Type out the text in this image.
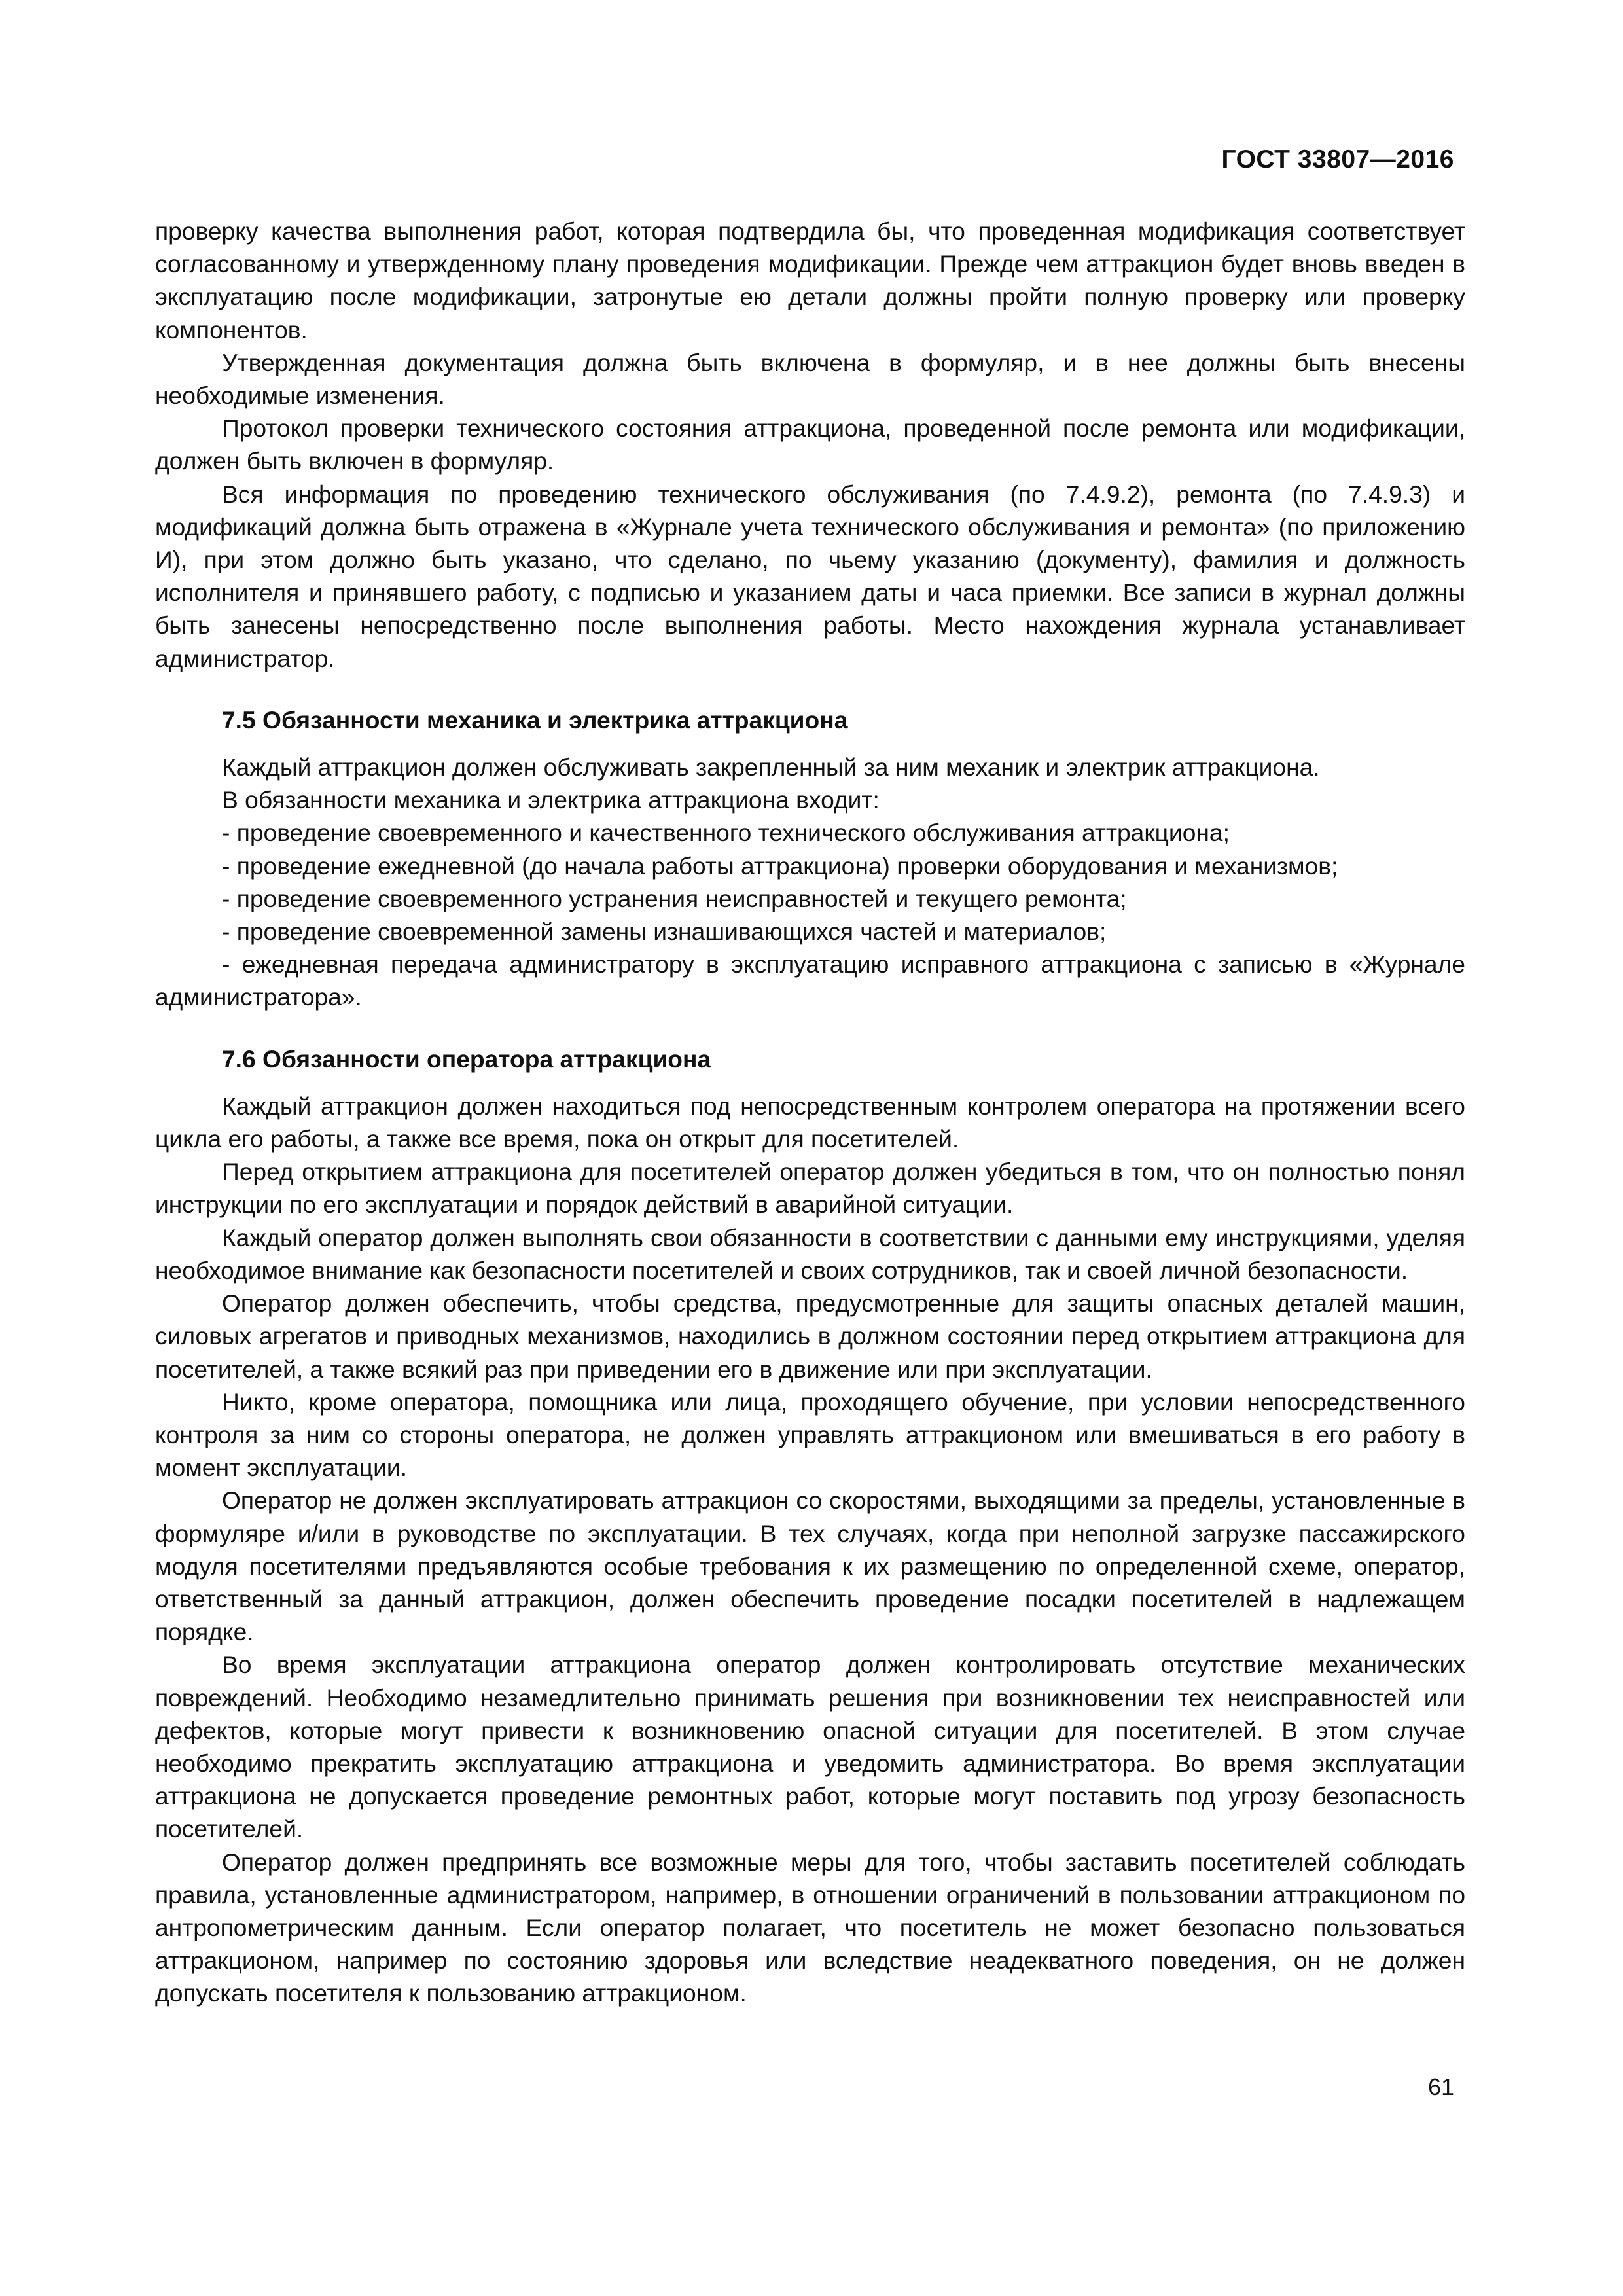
ГОСТ 33807—2016

проверку качества выполнения работ, которая подтвердила бы, что проведенная модификация соответствует согласованному и утвержденному плану проведения модификации. Прежде чем аттракцион будет вновь введен в эксплуатацию после модификации, затронутые ею детали должны пройти полную проверку или проверку компонентов.

Утвержденная документация должна быть включена в формуляр, и в нее должны быть внесены необходимые изменения.

Протокол проверки технического состояния аттракциона, проведенной после ремонта или модификации, должен быть включен в формуляр.

Вся информация по проведению технического обслуживания (по 7.4.9.2), ремонта (по 7.4.9.3) и модификаций должна быть отражена в «Журнале учета технического обслуживания и ремонта» (по приложению И), при этом должно быть указано, что сделано, по чьему указанию (документу), фамилия и должность исполнителя и принявшего работу, с подписью и указанием даты и часа приемки. Все записи в журнал должны быть занесены непосредственно после выполнения работы. Место нахождения журнала устанавливает администратор.

7.5 Обязанности механика и электрика аттракциона

Каждый аттракцион должен обслуживать закрепленный за ним механик и электрик аттракциона.

В обязанности механика и электрика аттракциона входит:

- проведение своевременного и качественного технического обслуживания аттракциона;

- проведение ежедневной (до начала работы аттракциона) проверки оборудования и механизмов;

- проведение своевременного устранения неисправностей и текущего ремонта;

- проведение своевременной замены изнашивающихся частей и материалов;

- ежедневная передача администратору в эксплуатацию исправного аттракциона с записью в «Журнале администратора».

7.6 Обязанности оператора аттракциона

Каждый аттракцион должен находиться под непосредственным контролем оператора на протяжении всего цикла его работы, а также все время, пока он открыт для посетителей.

Перед открытием аттракциона для посетителей оператор должен убедиться в том, что он полностью понял инструкции по его эксплуатации и порядок действий в аварийной ситуации.

Каждый оператор должен выполнять свои обязанности в соответствии с данными ему инструкциями, уделяя необходимое внимание как безопасности посетителей и своих сотрудников, так и своей личной безопасности.

Оператор должен обеспечить, чтобы средства, предусмотренные для защиты опасных деталей машин, силовых агрегатов и приводных механизмов, находились в должном состоянии перед открытием аттракциона для посетителей, а также всякий раз при приведении его в движение или при эксплуатации.

Никто, кроме оператора, помощника или лица, проходящего обучение, при условии непосредственного контроля за ним со стороны оператора, не должен управлять аттракционом или вмешиваться в его работу в момент эксплуатации.

Оператор не должен эксплуатировать аттракцион со скоростями, выходящими за пределы, установленные в формуляре и/или в руководстве по эксплуатации. В тех случаях, когда при неполной загрузке пассажирского модуля посетителями предъявляются особые требования к их размещению по определенной схеме, оператор, ответственный за данный аттракцион, должен обеспечить проведение посадки посетителей в надлежащем порядке.

Во время эксплуатации аттракциона оператор должен контролировать отсутствие механических повреждений. Необходимо незамедлительно принимать решения при возникновении тех неисправностей или дефектов, которые могут привести к возникновению опасной ситуации для посетителей. В этом случае необходимо прекратить эксплуатацию аттракциона и уведомить администратора. Во время эксплуатации аттракциона не допускается проведение ремонтных работ, которые могут поставить под угрозу безопасность посетителей.

Оператор должен предпринять все возможные меры для того, чтобы заставить посетителей соблюдать правила, установленные администратором, например, в отношении ограничений в пользовании аттракционом по антропометрическим данным. Если оператор полагает, что посетитель не может безопасно пользоваться аттракционом, например по состоянию здоровья или вследствие неадекватного поведения, он не должен допускать посетителя к пользованию аттракционом.

61
